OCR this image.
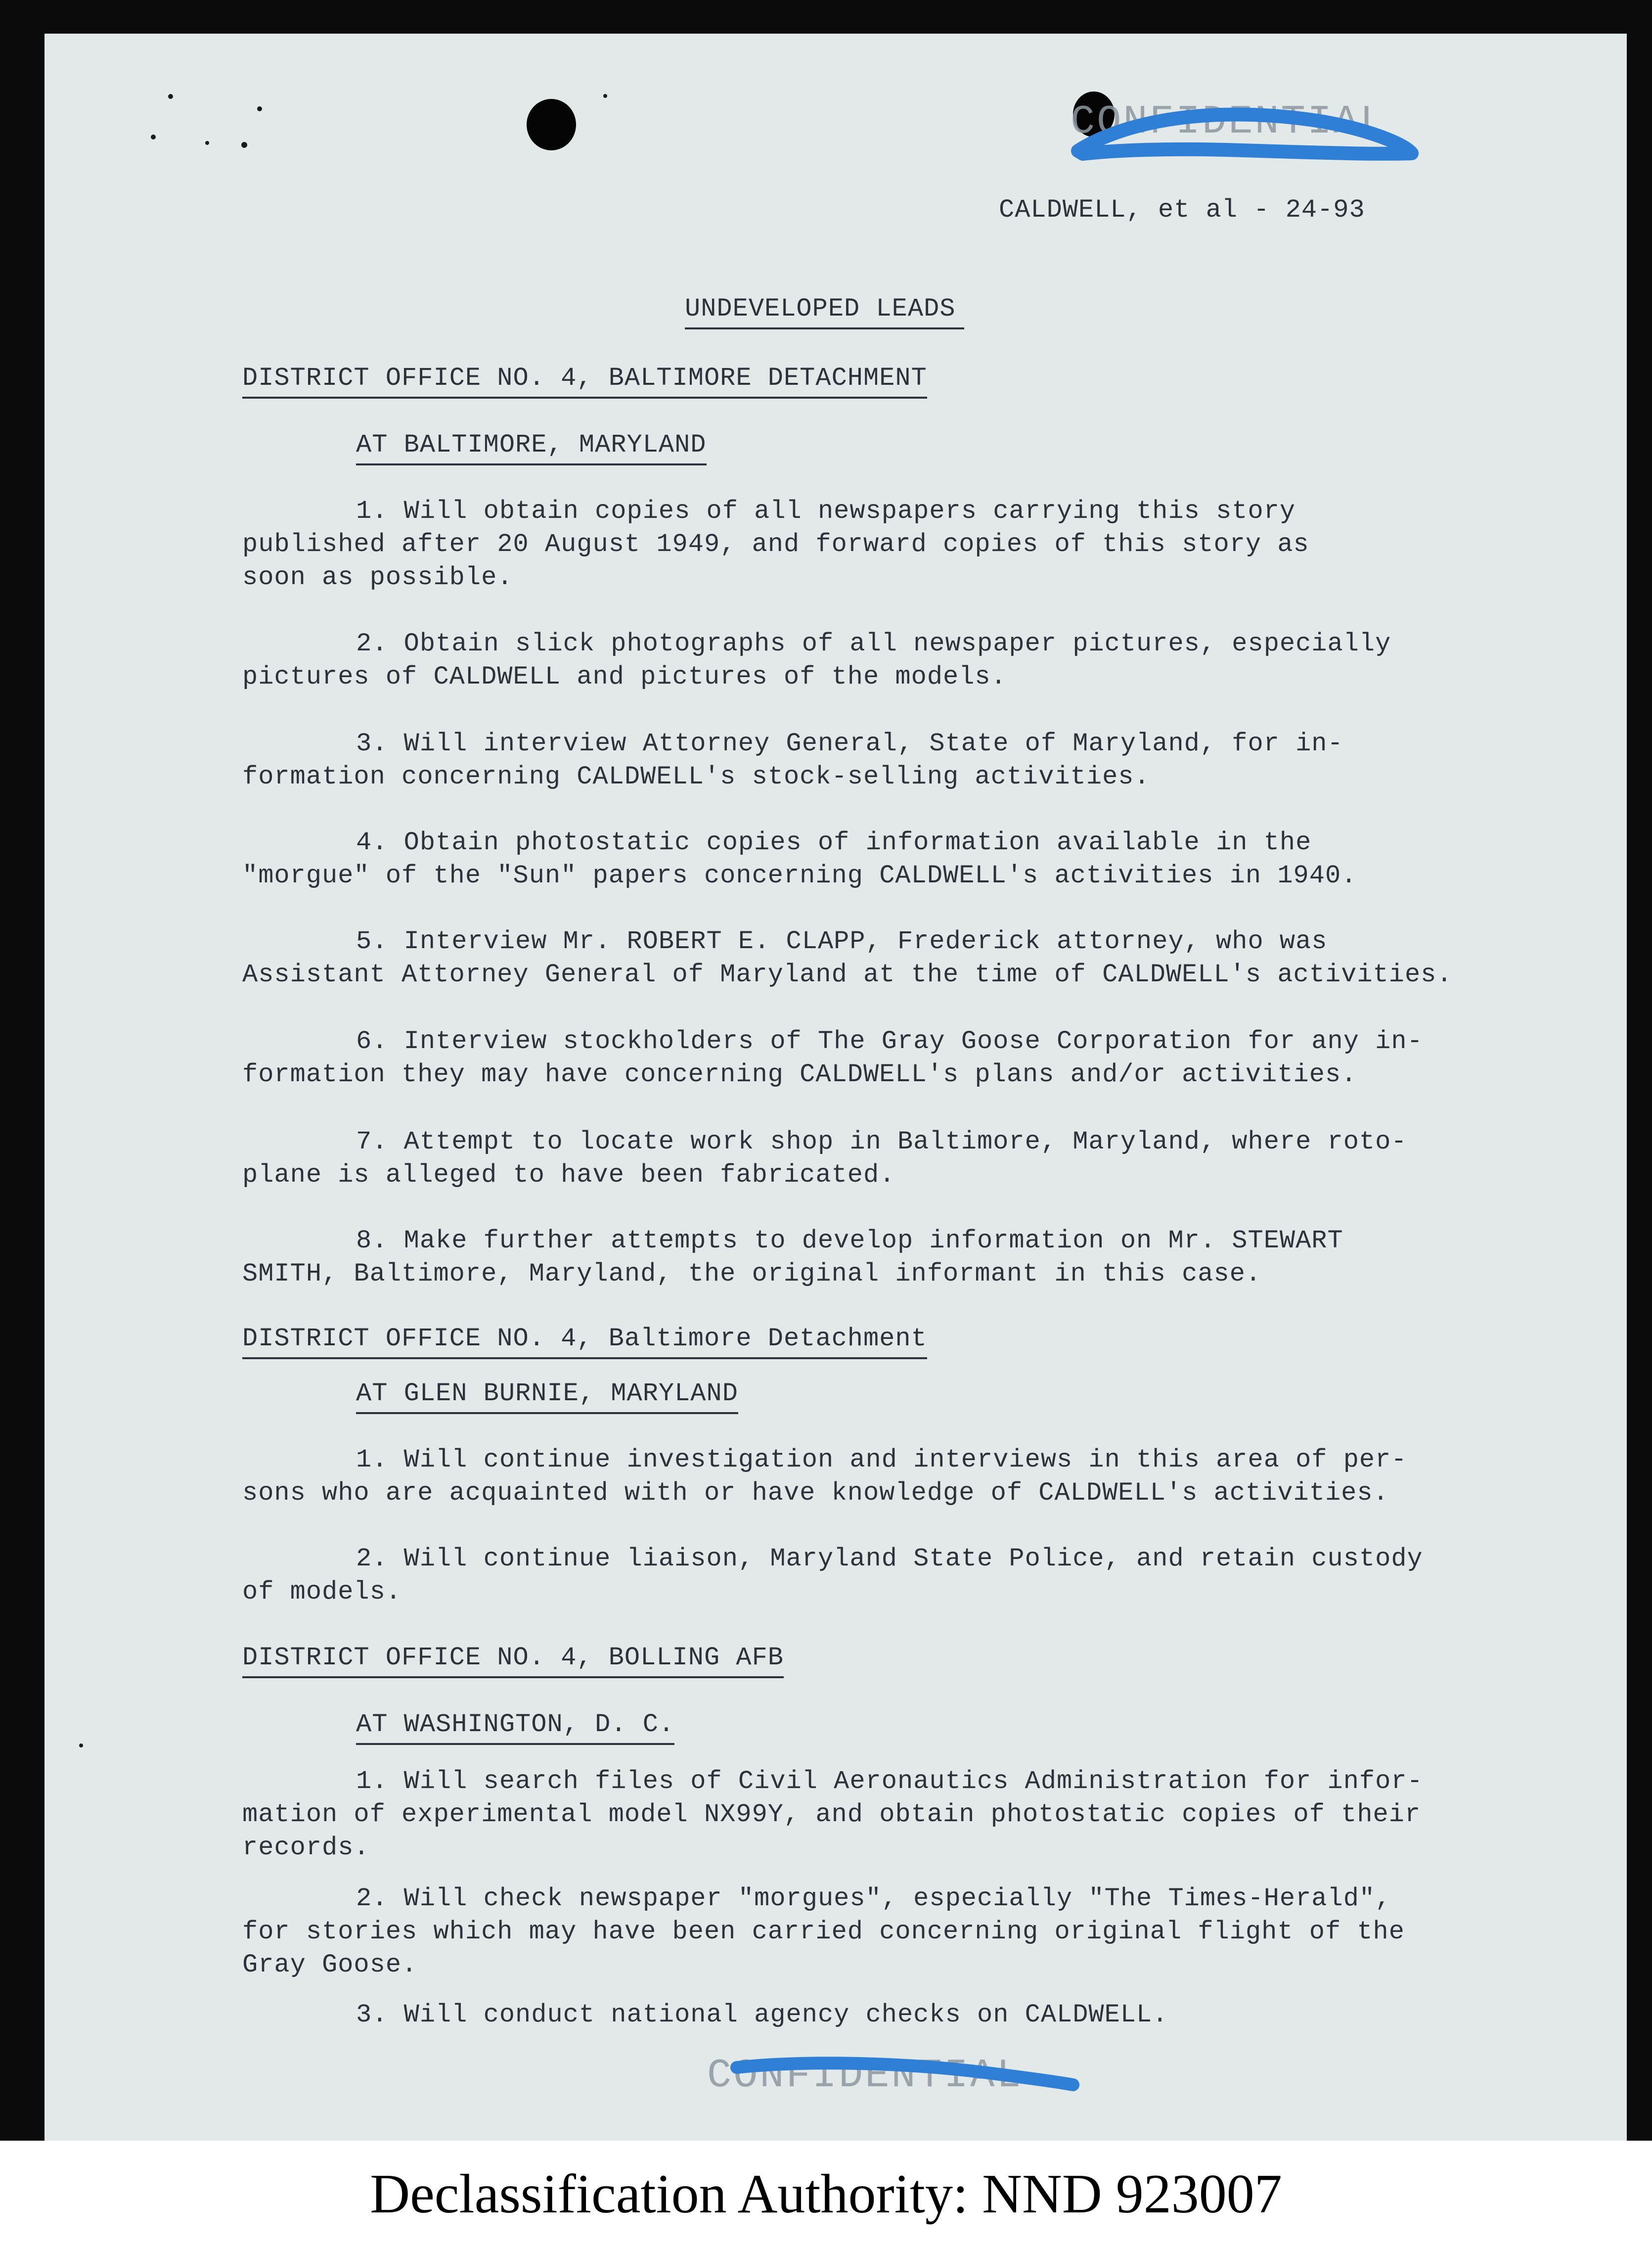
CONFIDENTIAL
CALDWELL, et al - 24-93
UNDEVELOPED LEADS
DISTRICT OFFICE NO. 4, BALTIMORE DETACHMENT
AT BALTIMORE, MARYLAND
1. Will obtain copies of all newspapers carrying this story
published after 20 August 1949, and forward copies of this story as
soon as possible.
2. Obtain slick photographs of all newspaper pictures, especially
pictures of CALDWELL and pictures of the models.
3. Will interview Attorney General, State of Maryland, for in-
formation concerning CALDWELL's stock-selling activities.
4. Obtain photostatic copies of information available in the
"morgue" of the "Sun" papers concerning CALDWELL's activities in 1940.
5. Interview Mr. ROBERT E. CLAPP, Frederick attorney, who was
Assistant Attorney General of Maryland at the time of CALDWELL's activities.
6. Interview stockholders of The Gray Goose Corporation for any in-
formation they may have concerning CALDWELL's plans and/or activities.
7. Attempt to locate work shop in Baltimore, Maryland, where roto-
plane is alleged to have been fabricated.
8. Make further attempts to develop information on Mr. STEWART
SMITH, Baltimore, Maryland, the original informant in this case.
DISTRICT OFFICE NO. 4, Baltimore Detachment
AT GLEN BURNIE, MARYLAND
1. Will continue investigation and interviews in this area of per-
sons who are acquainted with or have knowledge of CALDWELL's activities.
2. Will continue liaison, Maryland State Police, and retain custody
of models.
DISTRICT OFFICE NO. 4, BOLLING AFB
AT WASHINGTON, D. C.
1. Will search files of Civil Aeronautics Administration for infor-
mation of experimental model NX99Y, and obtain photostatic copies of their
records.
2. Will check newspaper "morgues", especially "The Times-Herald",
for stories which may have been carried concerning original flight of the
Gray Goose.
3. Will conduct national agency checks on CALDWELL.
CONFIDENTIAL
Declassification Authority: NND 923007
